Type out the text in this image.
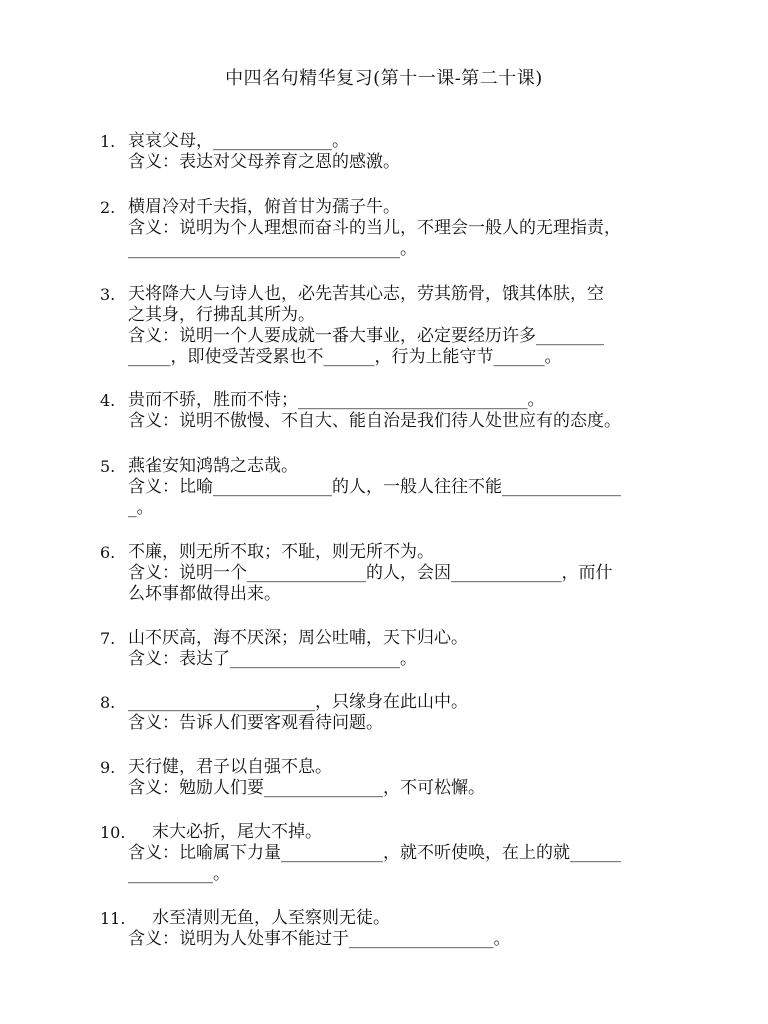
中四名句精华复习(第十一课-第二十课)
1. 哀哀父母，______________。
含义：表达对父母养育之恩的感激。
2. 横眉冷对千夫指，俯首甘为孺子牛。
含义：说明为个人理想而奋斗的当儿，不理会一般人的无理指责，
________________________________。
3. 天将降大人与诗人也，必先苦其心志，劳其筋骨，饿其体肤，空
之其身，行拂乱其所为。
含义：说明一个人要成就一番大事业，必定要经历许多________
_____，即使受苦受累也不______，行为上能守节______。
4. 贵而不骄，胜而不恃；___________________________。
含义：说明不傲慢、不自大、能自治是我们待人处世应有的态度。
5. 燕雀安知鸿鹄之志哉。
含义：比喻______________的人，一般人往往不能______________
_。
6. 不廉，则无所不取；不耻，则无所不为。
含义：说明一个______________的人，会因_____________，而什
么坏事都做得出来。
7. 山不厌高，海不厌深；周公吐哺，天下归心。
含义：表达了____________________。
8. ______________________，只缘身在此山中。
含义：告诉人们要客观看待问题。
9. 天行健，君子以自强不息。
含义：勉励人们要______________，不可松懈。
10. 末大必折，尾大不掉。
含义：比喻属下力量____________，就不听使唤，在上的就______
__________。
11. 水至清则无鱼，人至察则无徒。
含义：说明为人处事不能过于_________________。
